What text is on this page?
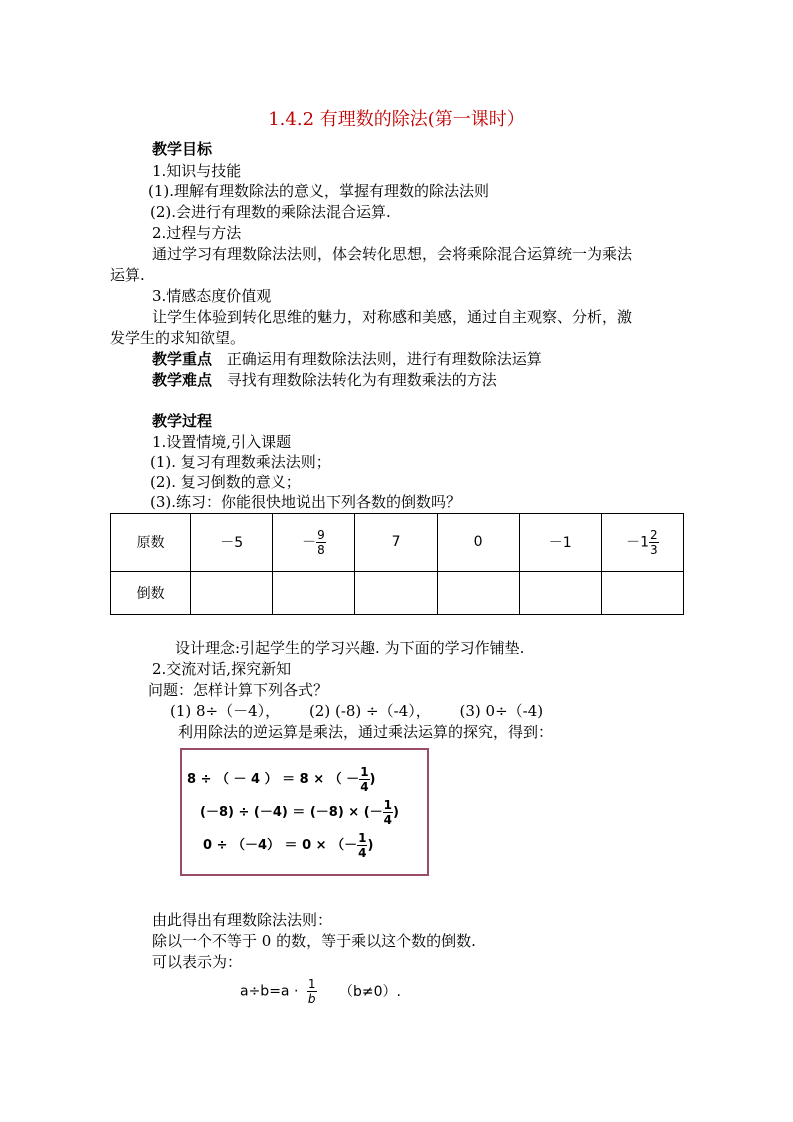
1.4.2 有理数的除法(第一课时）
教学目标
1.知识与技能
(1).理解有理数除法的意义，掌握有理数的除法法则
(2).会进行有理数的乘除法混合运算.
2.过程与方法
通过学习有理数除法法则，体会转化思想，会将乘除混合运算统一为乘法
运算.
3.情感态度价值观
让学生体验到转化思维的魅力，对称感和美感，通过自主观察、分析，激
发学生的求知欲望。
教学重点 正确运用有理数除法法则，进行有理数除法运算
教学难点 寻找有理数除法转化为有理数乘法的方法
教学过程
1.设置情境,引入课题
(1). 复习有理数乘法法则；
(2). 复习倒数的意义；
(3).练习：你能很快地说出下列各数的倒数吗？
原数	－5	－ $\frac{9}{8}$	7	0	－1	$-1 \frac{2}{3}$

倒数						
设计理念:引起学生的学习兴趣. 为下面的学习作铺垫.
2.交流对话,探究新知
问题：怎样计算下列各式？
(1) 8÷（－4）， (2) (-8) ÷（-4）， (3) 0÷（-4)
利用除法的逆运算是乘法，通过乘法运算的探究，得到：
8 ÷ （ － 4 ） ＝ 8 × （ － $\frac{1}{4}$ )
(－8) ÷ (－4) ＝ (－8) × (－ $\frac{1}{4}$ )
0 ÷ （－4） ＝ 0 × （－ $\frac{1}{4}$ )
由此得出有理数除法法则：
除以一个不等于 0 的数，等于乘以这个数的倒数.
可以表示为：
$a\div b=a \cdot \frac{1}{b} (b\ne 0)$.
